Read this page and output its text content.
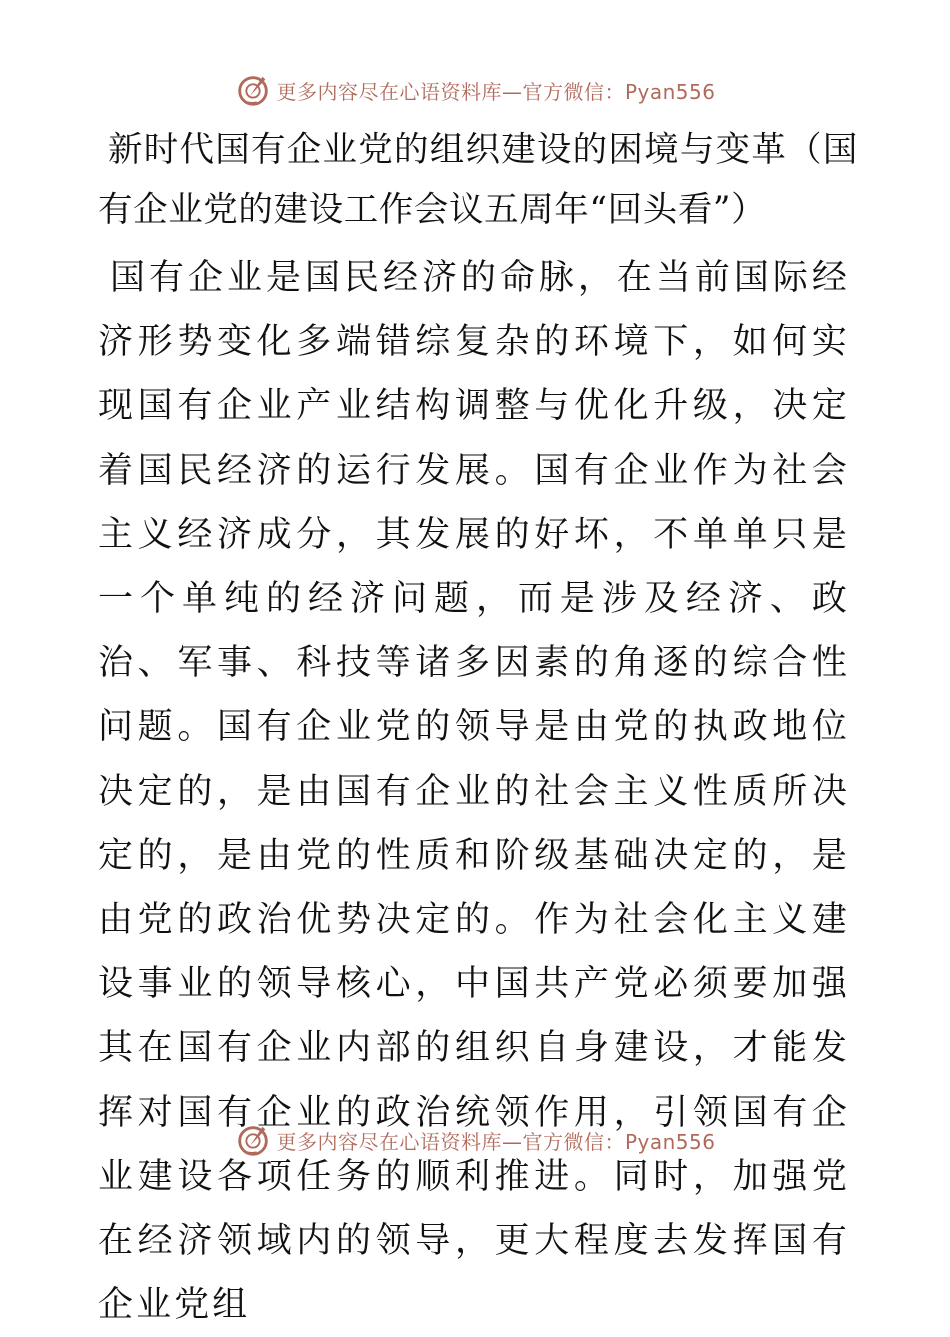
更多内容尽在心语资料库—官方微信：Pyan556
新时代国有企业党的组织建设的困境与变革（国有企业党的建设工作会议五周年“回头看”）

国有企业是国民经济的命脉，在当前国际经济形势变化多端错综复杂的环境下，如何实现国有企业产业结构调整与优化升级，决定着国民经济的运行发展。国有企业作为社会主义经济成分，其发展的好坏，不单单只是一个单纯的经济问题，而是涉及经济、政治、军事、科技等诸多因素的角逐的综合性问题。国有企业党的领导是由党的执政地位决定的，是由国有企业的社会主义性质所决定的，是由党的性质和阶级基础决定的，是由党的政治优势决定的。作为社会化主义建设事业的领导核心，中国共产党必须要加强其在国有企业内部的组织自身建设，才能发挥对国有企业的政治统领作用，引领国有企业建设各项任务的顺利推进。同时，加强党在经济领域内的领导，更大程度去发挥国有企业党组

更多内容尽在心语资料库—官方微信：Pyan556
